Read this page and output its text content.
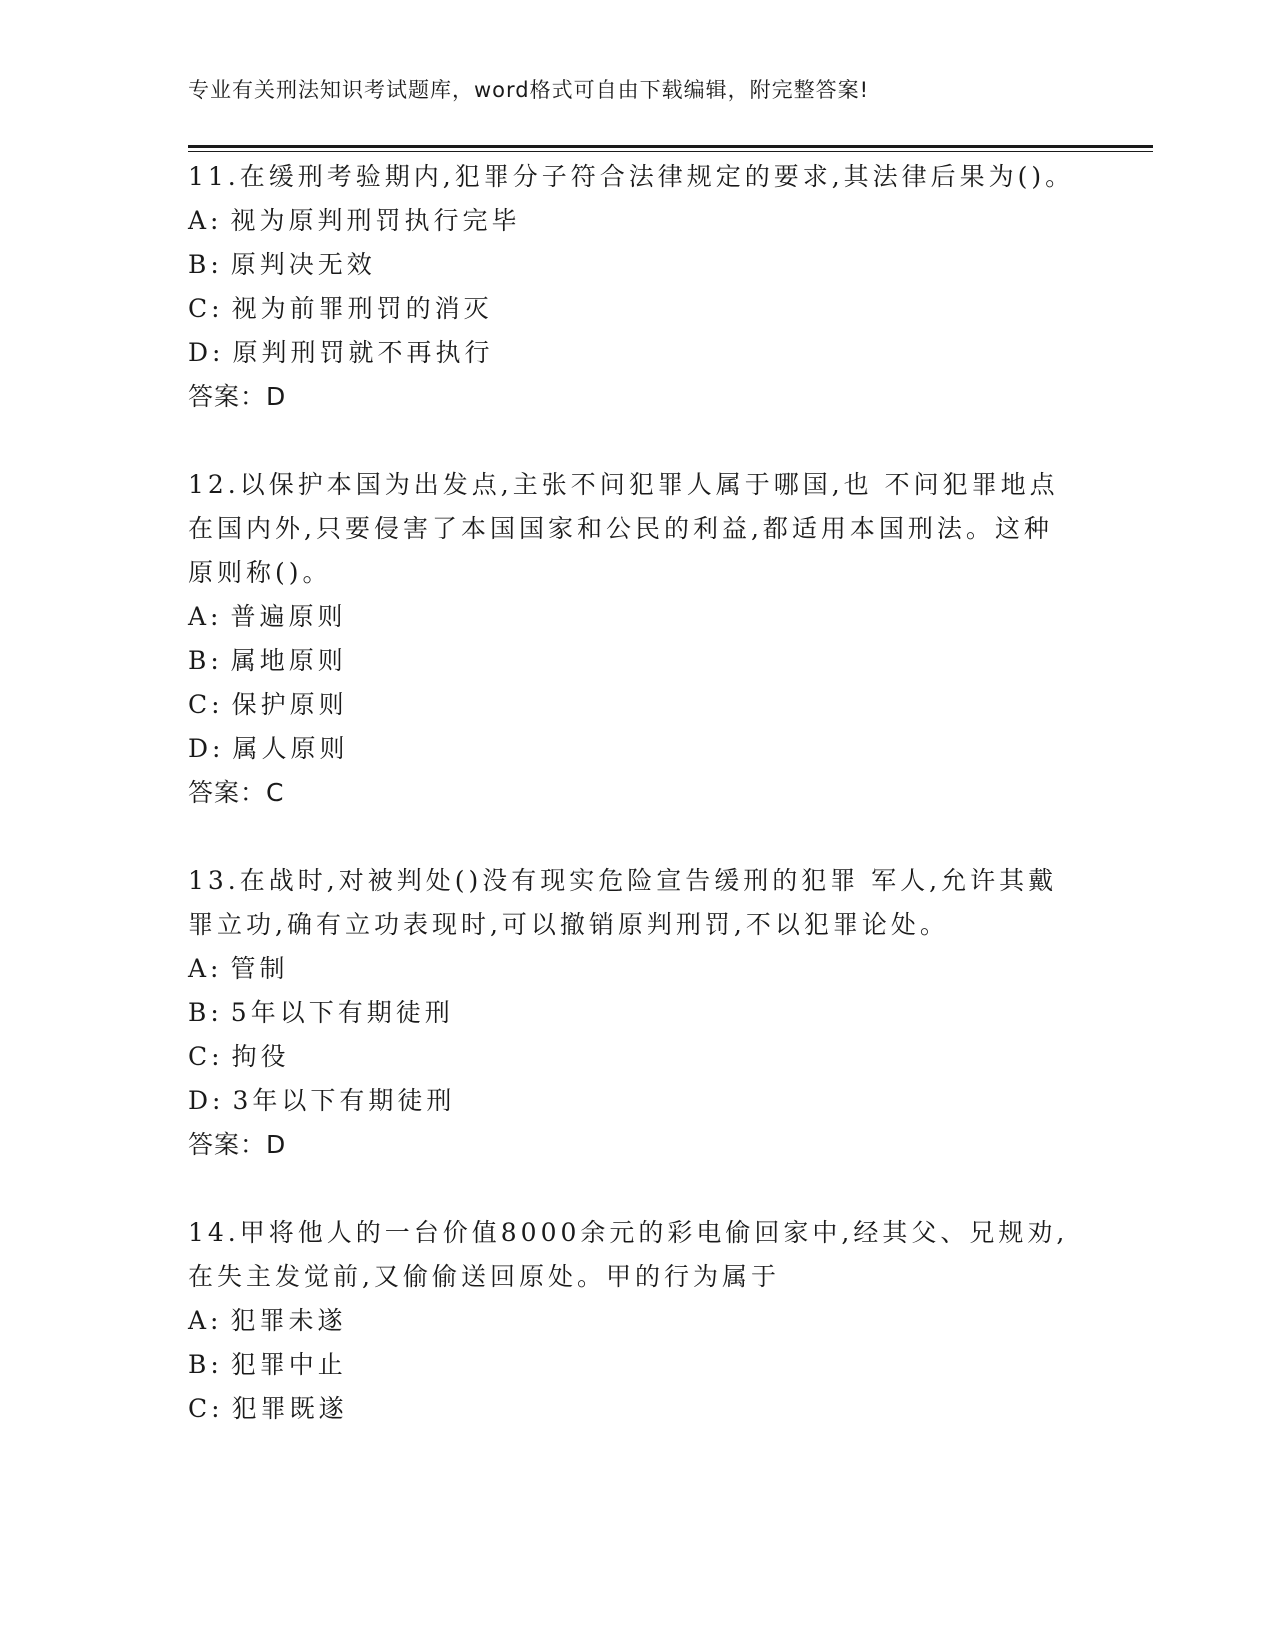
专业有关刑法知识考试题库，word格式可自由下载编辑，附完整答案!
11.在缓刑考验期内,犯罪分子符合法律规定的要求,其法律后果为()。
A: 视为原判刑罚执行完毕
B: 原判决无效
C: 视为前罪刑罚的消灭
D: 原判刑罚就不再执行
答案：D
12.以保护本国为出发点,主张不问犯罪人属于哪国,也 不问犯罪地点
在国内外,只要侵害了本国国家和公民的利益,都适用本国刑法。这种
原则称()。
A: 普遍原则
B: 属地原则
C: 保护原则
D: 属人原则
答案：C
13.在战时,对被判处()没有现实危险宣告缓刑的犯罪 军人,允许其戴
罪立功,确有立功表现时,可以撤销原判刑罚,不以犯罪论处。
A: 管制
B: 5年以下有期徒刑
C: 拘役
D: 3年以下有期徒刑
答案：D
14.甲将他人的一台价值8000余元的彩电偷回家中,经其父、兄规劝,
在失主发觉前,又偷偷送回原处。甲的行为属于
A: 犯罪未遂
B: 犯罪中止
C: 犯罪既遂
